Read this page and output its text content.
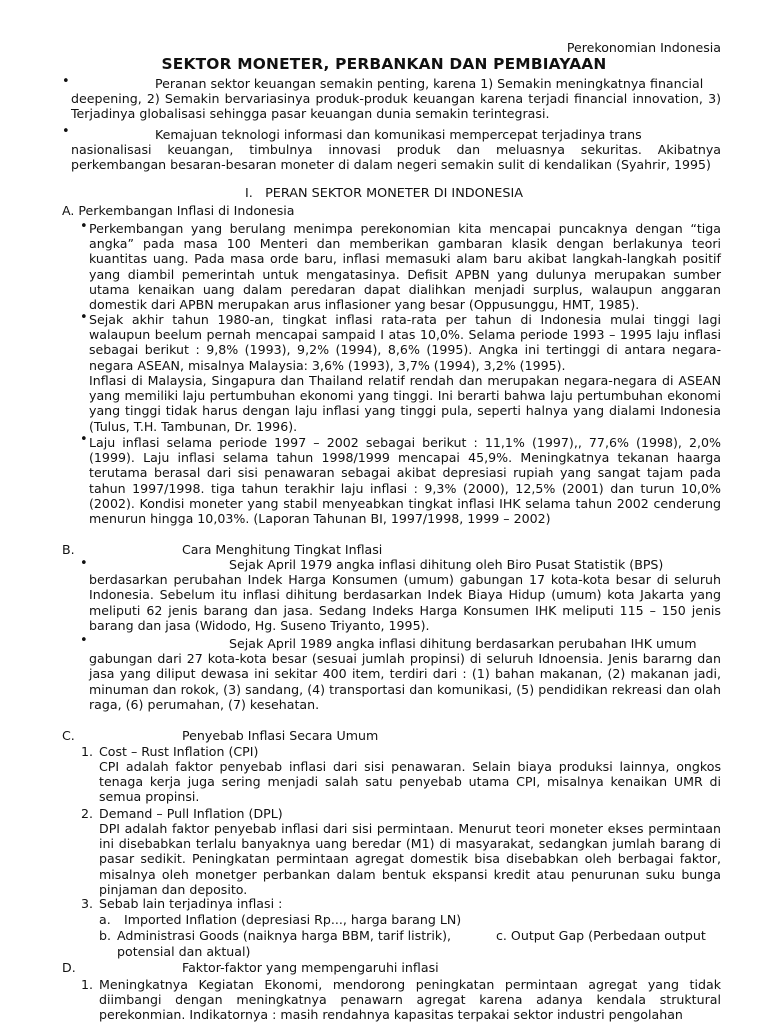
Perekonomian Indonesia
SEKTOR MONETER, PERBANKAN DAN PEMBIAYAAN
•	Peranan sektor keuangan semakin penting, karena 1) Semakin meningkatnya financial
deepening, 2) Semakin bervariasinya produk-produk keuangan karena terjadi financial innovation, 3) Terjadinya globalisasi sehingga pasar keuangan dunia semakin terintegrasi.
•	Kemajuan teknologi informasi dan komunikasi mempercepat terjadinya trans
nasionalisasi keuangan, timbulnya innovasi produk dan meluasnya sekuritas. Akibatnya perkembangan besaran-besaran moneter di dalam negeri semakin sulit di kendalikan (Syahrir, 1995)
I. PERAN SEKTOR MONETER DI INDONESIA
A. Perkembangan Inflasi di Indonesia
• Perkembangan yang berulang menimpa perekonomian kita mencapai puncaknya dengan “tiga angka” pada masa 100 Menteri dan memberikan gambaran klasik dengan berlakunya teori kuantitas uang. Pada masa orde baru, inflasi memasuki alam baru akibat langkah-langkah positif yang diambil pemerintah untuk mengatasinya. Defisit APBN yang dulunya merupakan sumber utama kenaikan uang dalam peredaran dapat dialihkan menjadi surplus, walaupun anggaran domestik dari APBN merupakan arus inflasioner yang besar (Oppusunggu, HMT, 1985).
• Sejak akhir tahun 1980-an, tingkat inflasi rata-rata per tahun di Indonesia mulai tinggi lagi walaupun beelum pernah mencapai sampaid I atas 10,0%. Selama periode 1993 – 1995 laju inflasi sebagai berikut : 9,8% (1993), 9,2% (1994), 8,6% (1995). Angka ini tertinggi di antara negara-negara ASEAN, misalnya Malaysia: 3,6% (1993), 3,7% (1994), 3,2% (1995).
Inflasi di Malaysia, Singapura dan Thailand relatif rendah dan merupakan negara-negara di ASEAN yang memiliki laju pertumbuhan ekonomi yang tinggi. Ini berarti bahwa laju pertumbuhan ekonomi yang tinggi tidak harus dengan laju inflasi yang tinggi pula, seperti halnya yang dialami Indonesia (Tulus, T.H. Tambunan, Dr. 1996).
• Laju inflasi selama periode 1997 – 2002 sebagai berikut : 11,1% (1997),, 77,6% (1998), 2,0% (1999). Laju inflasi selama tahun 1998/1999 mencapai 45,9%. Meningkatnya tekanan haarga terutama berasal dari sisi penawaran sebagai akibat depresiasi rupiah yang sangat tajam pada tahun 1997/1998. tiga tahun terakhir laju inflasi : 9,3% (2000), 12,5% (2001) dan turun 10,0% (2002). Kondisi moneter yang stabil menyeabkan tingkat inflasi IHK selama tahun 2002 cenderung menurun hingga 10,03%. (Laporan Tahunan BI, 1997/1998, 1999 – 2002)
B.	Cara Menghitung Tingkat Inflasi
•	Sejak April 1979 angka inflasi dihitung oleh Biro Pusat Statistik (BPS)
berdasarkan perubahan Indek Harga Konsumen (umum) gabungan 17 kota-kota besar di seluruh Indonesia. Sebelum itu inflasi dihitung berdasarkan Indek Biaya Hidup (umum) kota Jakarta yang meliputi 62 jenis barang dan jasa. Sedang Indeks Harga Konsumen IHK meliputi 115 – 150 jenis barang dan jasa (Widodo, Hg. Suseno Triyanto, 1995).
•	Sejak April 1989 angka inflasi dihitung berdasarkan perubahan IHK umum
gabungan dari 27 kota-kota besar (sesuai jumlah propinsi) di seluruh Idnoensia. Jenis bararng dan jasa yang diliput dewasa ini sekitar 400 item, terdiri dari : (1) bahan makanan, (2) makanan jadi, minuman dan rokok, (3) sandang, (4) transportasi dan komunikasi, (5) pendidikan rekreasi dan olah raga, (6) perumahan, (7) kesehatan.
C.	Penyebab Inflasi Secara Umum
1. Cost – Rust Inflation (CPI)
CPI adalah faktor penyebab inflasi dari sisi penawaran. Selain biaya produksi lainnya, ongkos tenaga kerja juga sering menjadi salah satu penyebab utama CPI, misalnya kenaikan UMR di semua propinsi.
2. Demand – Pull Inflation (DPL)
DPI adalah faktor penyebab inflasi dari sisi permintaan. Menurut teori moneter ekses permintaan ini disebabkan terlalu banyaknya uang beredar (M1) di masyarakat, sedangkan jumlah barang di pasar sedikit. Peningkatan permintaan agregat domestik bisa disebabkan oleh berbagai faktor, misalnya oleh monetger perbankan dalam bentuk ekspansi kredit atau penurunan suku bunga pinjaman dan deposito.
3. Sebab lain terjadinya inflasi :
a. Imported Inflation (depresiasi Rp..., harga barang LN)
b. Administrasi Goods (naiknya harga BBM, tarif listrik),	c. Output Gap (Perbedaan output
potensial dan aktual)
D.	Faktor-faktor yang mempengaruhi inflasi
1. Meningkatnya Kegiatan Ekonomi, mendorong peningkatan permintaan agregat yang tidak diimbangi dengan meningkatnya penawarn agregat karena adanya kendala struktural perekonmian. Indikatornya : masih rendahnya kapasitas terpakai sektor industri pengolahan
